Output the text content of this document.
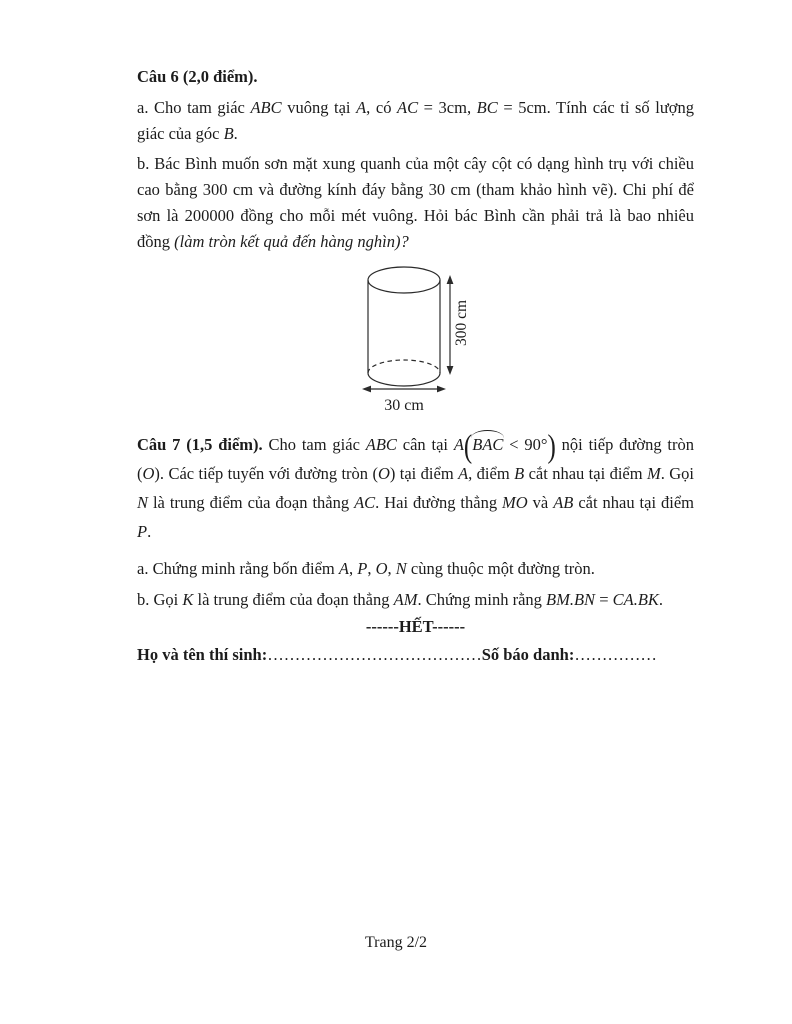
Câu 6 (2,0 điểm).

a. Cho tam giác ABC vuông tại A, có AC = 3cm, BC = 5cm. Tính các tỉ số lượng giác của góc B.

b. Bác Bình muốn sơn mặt xung quanh của một cây cột có dạng hình trụ với chiều cao bằng 300 cm và đường kính đáy bằng 30 cm (tham khảo hình vẽ). Chi phí để sơn là 200000 đồng cho mỗi mét vuông. Hỏi bác Bình cần phải trả là bao nhiêu đồng (làm tròn kết quả đến hàng nghìn)?

300 cm
30 cm

Câu 7 (1,5 điểm). Cho tam giác ABC cân tại A(BAC < 90°) nội tiếp đường tròn (O). Các tiếp tuyến với đường tròn (O) tại điểm A, điểm B cắt nhau tại điểm M. Gọi N là trung điểm của đoạn thẳng AC. Hai đường thẳng MO và AB cắt nhau tại điểm P.

a. Chứng minh rằng bốn điểm A, P, O, N cùng thuộc một đường tròn.

b. Gọi K là trung điểm của đoạn thẳng AM. Chứng minh rằng BM.BN = CA.BK.

------HẾT------

Họ và tên thí sinh:…………………………………Số báo danh:……………

Trang 2/2
